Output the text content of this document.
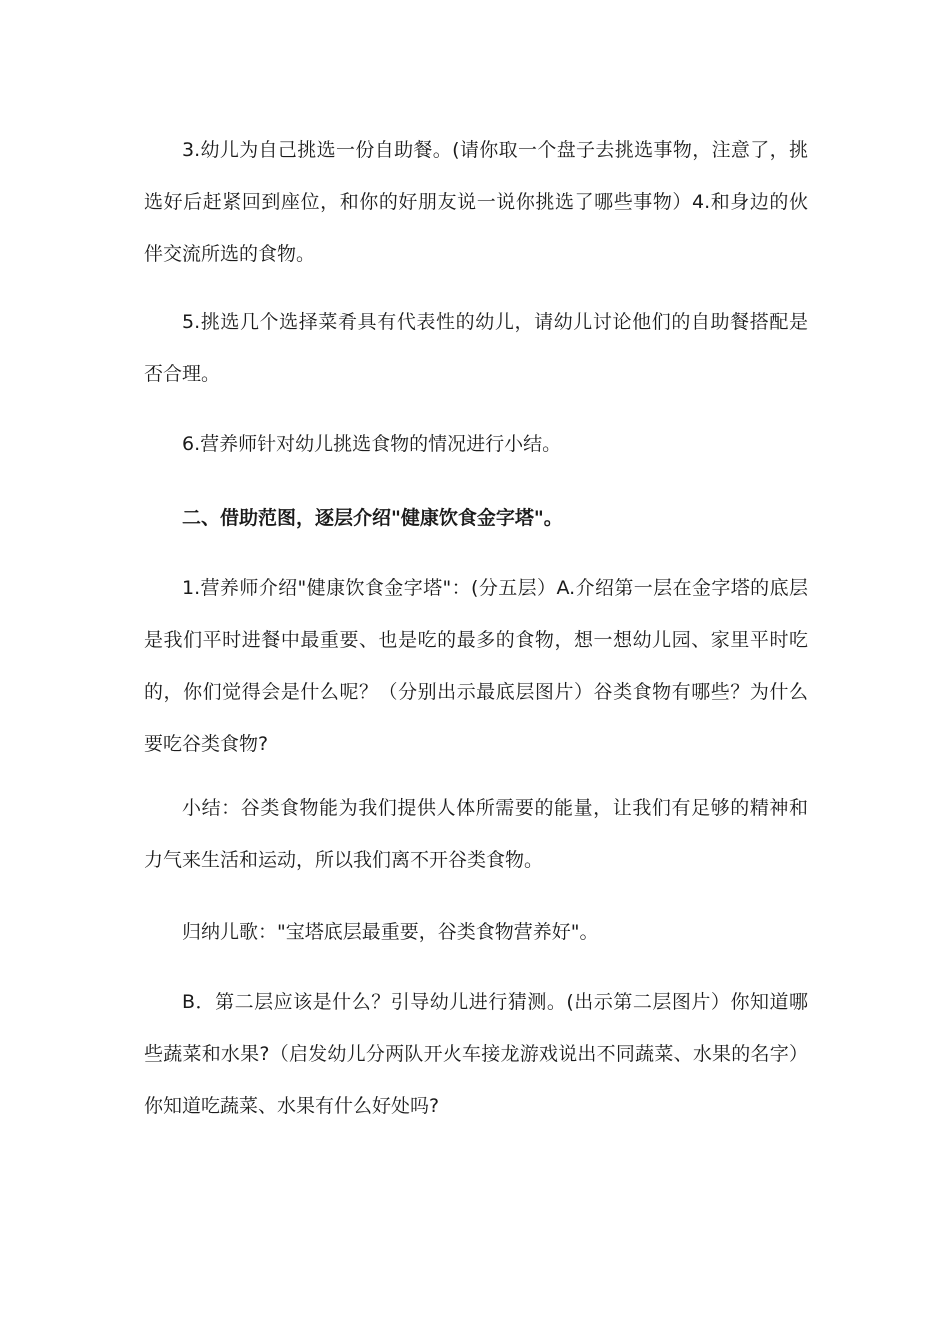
3.幼儿为自己挑选一份自助餐。(请你取一个盘子去挑选事物，注意了，挑选好后赶紧回到座位，和你的好朋友说一说你挑选了哪些事物）4.和身边的伙伴交流所选的食物。

5.挑选几个选择菜肴具有代表性的幼儿，请幼儿讨论他们的自助餐搭配是否合理。

6.营养师针对幼儿挑选食物的情况进行小结。

二、借助范图，逐层介绍"健康饮食金字塔"。

1.营养师介绍"健康饮食金字塔"：(分五层）A.介绍第一层在金字塔的底层是我们平时进餐中最重要、也是吃的最多的食物，想一想幼儿园、家里平时吃的，你们觉得会是什么呢？（分别出示最底层图片）谷类食物有哪些？为什么要吃谷类食物?

小结：谷类食物能为我们提供人体所需要的能量，让我们有足够的精神和力气来生活和运动，所以我们离不开谷类食物。

归纳儿歌："宝塔底层最重要，谷类食物营养好"。

B．第二层应该是什么？引导幼儿进行猜测。(出示第二层图片）你知道哪些蔬菜和水果?（启发幼儿分两队开火车接龙游戏说出不同蔬菜、水果的名字）你知道吃蔬菜、水果有什么好处吗?
